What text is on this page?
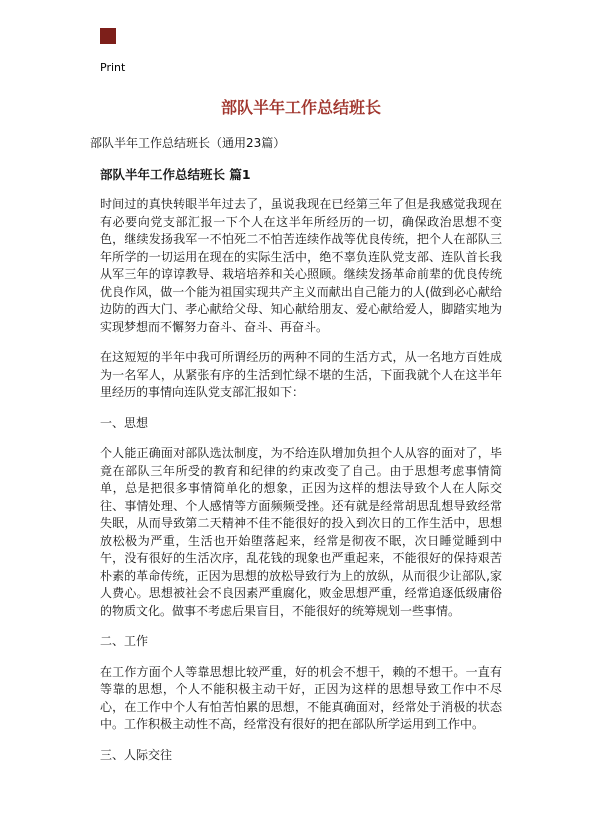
Print
部队半年工作总结班长
部队半年工作总结班长（通用23篇）
部队半年工作总结班长 篇1

时间过的真快转眼半年过去了，虽说我现在已经第三年了但是我感觉我现在有必要向党支部汇报一下个人在这半年所经历的一切，确保政治思想不变色，继续发扬我军一不怕死二不怕苦连续作战等优良传统，把个人在部队三年所学的一切运用在现在的实际生活中，绝不辜负连队党支部、连队首长我从军三年的谆谆教导、栽培培养和关心照顾。继续发扬革命前辈的优良传统优良作风，做一个能为祖国实现共产主义而献出自己能力的人(做到必心献给边防的西大门、孝心献给父母、知心献给朋友、爱心献给爱人，脚踏实地为实现梦想而不懈努力奋斗、奋斗、再奋斗。

在这短短的半年中我可所谓经历的两种不同的生活方式，从一名地方百姓成为一名军人，从紧张有序的生活到忙绿不堪的生活，下面我就个人在这半年里经历的事情向连队党支部汇报如下：

一、思想

个人能正确面对部队选汰制度，为不给连队增加负担个人从容的面对了，毕竟在部队三年所受的教育和纪律的约束改变了自己。由于思想考虑事情简单，总是把很多事情简单化的想象，正因为这样的想法导致个人在人际交往、事情处理、个人感情等方面频频受挫。还有就是经常胡思乱想导致经常失眠，从而导致第二天精神不佳不能很好的投入到次日的工作生活中，思想放松极为严重，生活也开始堕落起来，经常是彻夜不眠，次日睡觉睡到中午，没有很好的生活次序，乱花钱的现象也严重起来，不能很好的保持艰苦朴素的革命传统，正因为思想的放松导致行为上的放纵，从而很少让部队,家人费心。思想被社会不良因素严重腐化，败金思想严重，经常追逐低级庸俗的物质文化。做事不考虑后果盲目，不能很好的统筹规划一些事情。

二、工作

在工作方面个人等靠思想比较严重，好的机会不想干，赖的不想干。一直有等靠的思想，个人不能积极主动干好，正因为这样的思想导致工作中不尽心，在工作中个人有怕苦怕累的思想，不能真确面对，经常处于消极的状态中。工作积极主动性不高，经常没有很好的把在部队所学运用到工作中。

三、人际交往
